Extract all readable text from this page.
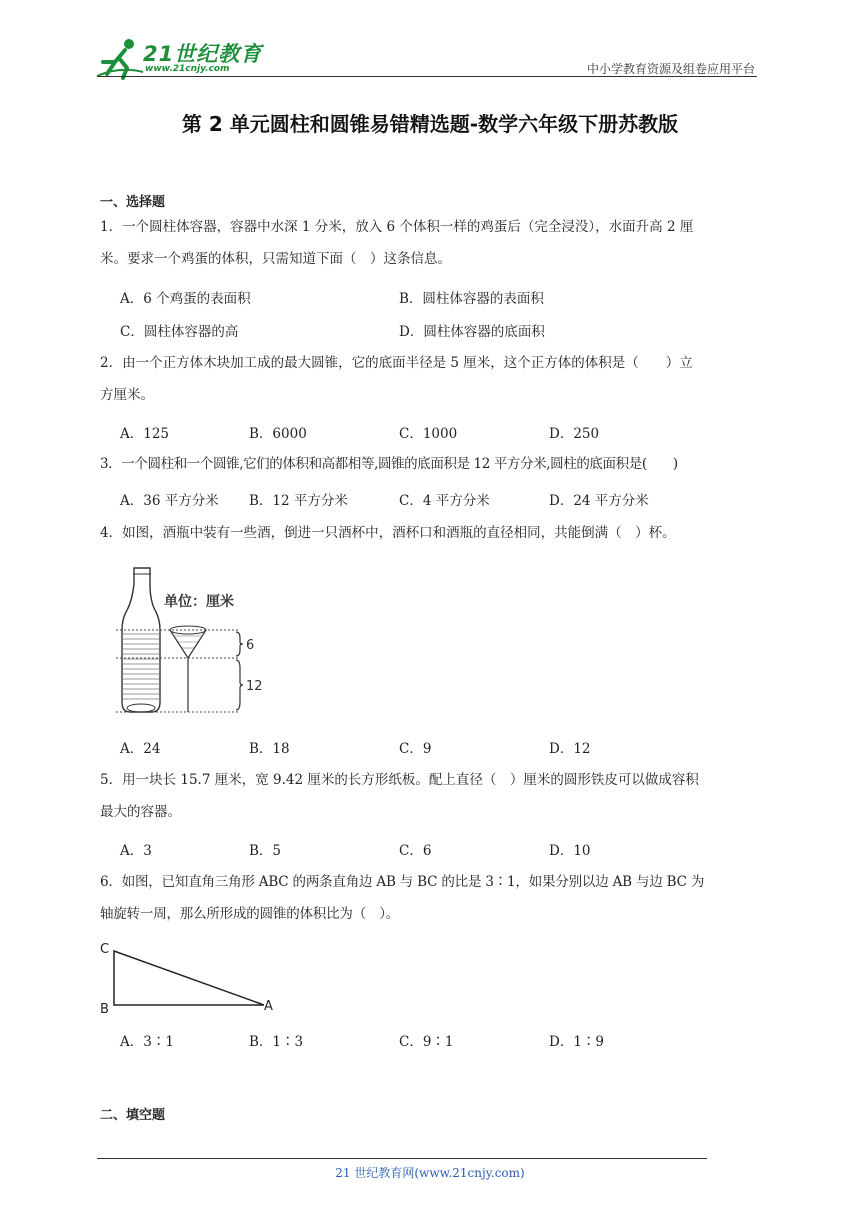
21世纪教育
www.21cnjy.com	中小学教育资源及组卷应用平台
第 2 单元圆柱和圆锥易错精选题-数学六年级下册苏教版
一、选择题
1．一个圆柱体容器，容器中水深 1 分米，放入 6 个体积一样的鸡蛋后（完全浸没），水面升高 2 厘
米。要求一个鸡蛋的体积，只需知道下面（　）这条信息。
A．6 个鸡蛋的表面积	B．圆柱体容器的表面积
C．圆柱体容器的高	D．圆柱体容器的底面积
2．由一个正方体木块加工成的最大圆锥，它的底面半径是 5 厘米，这个正方体的体积是（　　）立
方厘米。
A．125	B．6000	C．1000	D．250
3．一个圆柱和一个圆锥,它们的体积和高都相等,圆锥的底面积是 12 平方分米,圆柱的底面积是(　　)
A．36 平方分米 B．12 平方分米	C．4 平方分米	D．24 平方分米
4．如图，酒瓶中装有一些酒，倒进一只酒杯中，酒杯口和酒瓶的直径相同，共能倒满（　）杯。
单位：厘米
6
12
A．24	B．18	C．9	D．12
5．用一块长 15.7 厘米，宽 9.42 厘米的长方形纸板。配上直径（　）厘米的圆形铁皮可以做成容积
最大的容器。
A．3	B．5	C．6	D．10
6．如图，已知直角三角形 ABC 的两条直角边 AB 与 BC 的比是 3∶1，如果分别以边 AB 与边 BC 为
轴旋转一周，那么所形成的圆锥的体积比为（　）。
C
B	A
A．3∶1	B．1∶3	C．9∶1	D．1∶9
二、填空题
21 世纪教育网(www.21cnjy.com)
